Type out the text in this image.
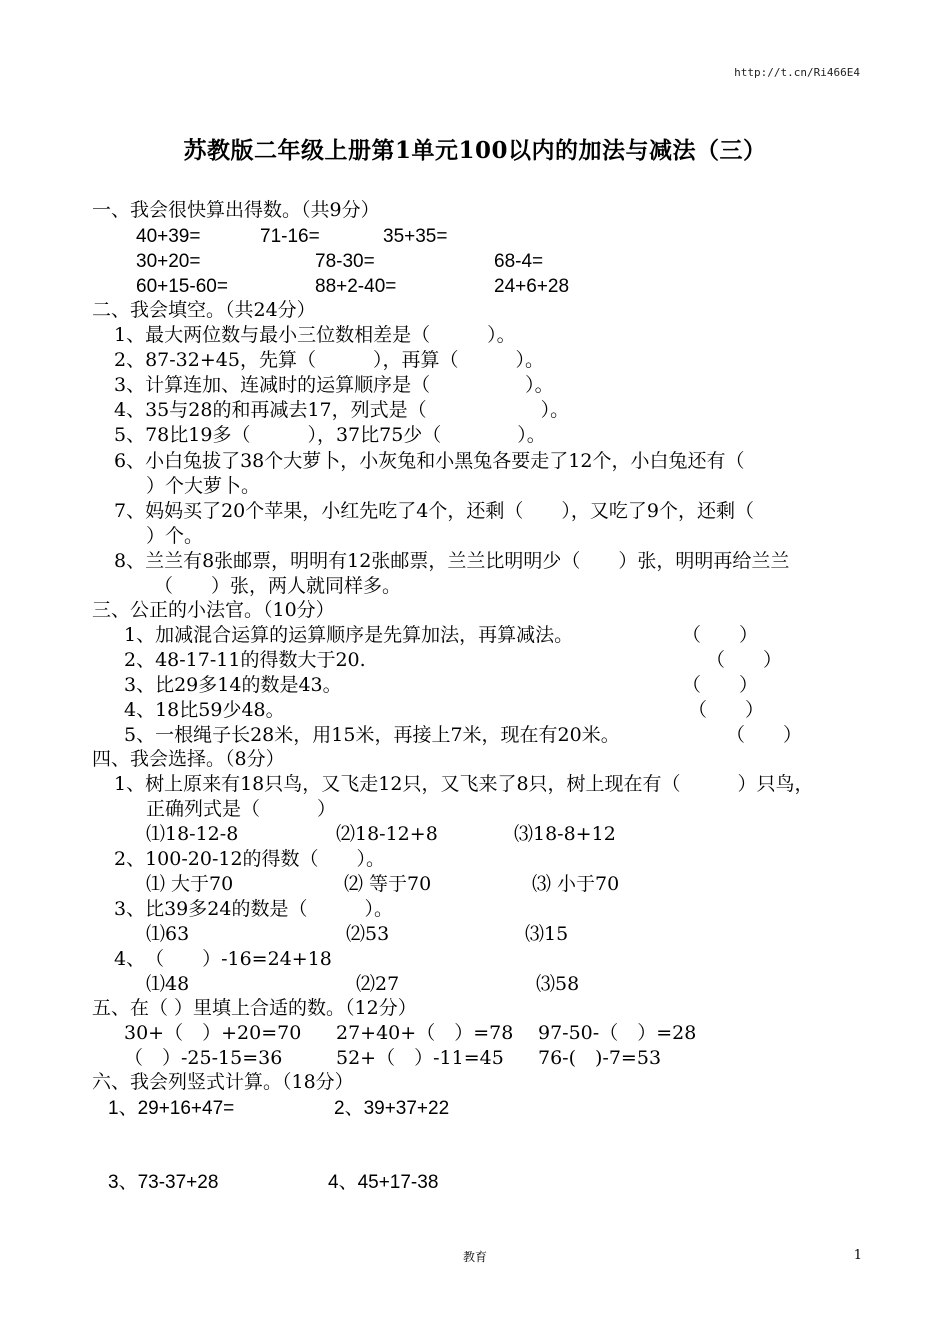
http://t.cn/Ri466E4
苏教版二年级上册第1单元100以内的加法与减法（三）
一、我会很快算出得数。（共9分）
40+39=	71-16=	35+35=
30+20=	78-30=	68-4=
60+15-60=	88+2-40=	24+6+28
二、我会填空。（共24分）
1、最大两位数与最小三位数相差是（　　　）。
2、87-32+45，先算（　　　），再算（　　　）。
3、计算连加、连减时的运算顺序是（　　　　　）。
4、35与28的和再减去17，列式是（　　　　　　）。
5、78比19多（　　　），37比75少（　　　　）。
6、小白兔拔了38个大萝卜，小灰兔和小黑兔各要走了12个，小白兔还有（
）个大萝卜。
7、妈妈买了20个苹果，小红先吃了4个，还剩（　　），又吃了9个，还剩（
）个。
8、兰兰有8张邮票，明明有12张邮票，兰兰比明明少（　　）张，明明再给兰兰
（　　）张，两人就同样多。
三、公正的小法官。（10分）
1、加减混合运算的运算顺序是先算加法，再算减法。	（　　）
2、48-17-11的得数大于20.	（　　）
3、比29多14的数是43。	（　　）
4、18比59少48。	（　　）
5、一根绳子长28米，用15米，再接上7米，现在有20米。	（　　）
四、我会选择。（8分）
1、树上原来有18只鸟，又飞走12只，又飞来了8只，树上现在有（　　　）只鸟，
正确列式是（　　　）
⑴18-12-8	⑵18-12+8	⑶18-8+12
2、100-20-12的得数（　　）。
⑴ 大于70	⑵ 等于70	⑶ 小于70
3、比39多24的数是（　　　）。
⑴63	⑵53	⑶15
4、　（　　）-16=24+18
⑴48	⑵27	⑶58
五、在（ ）里填上合适的数。（12分）
30+（　）+20=70 27+40+（　）=78 97-50-（　）=28
（　）-25-15=36	52+（　）-11=45 76-(　)-7=53
六、我会列竖式计算。（18分）
1、29+16+47=	2、39+37+22
3、73-37+28	4、45+17-38
教育	1
